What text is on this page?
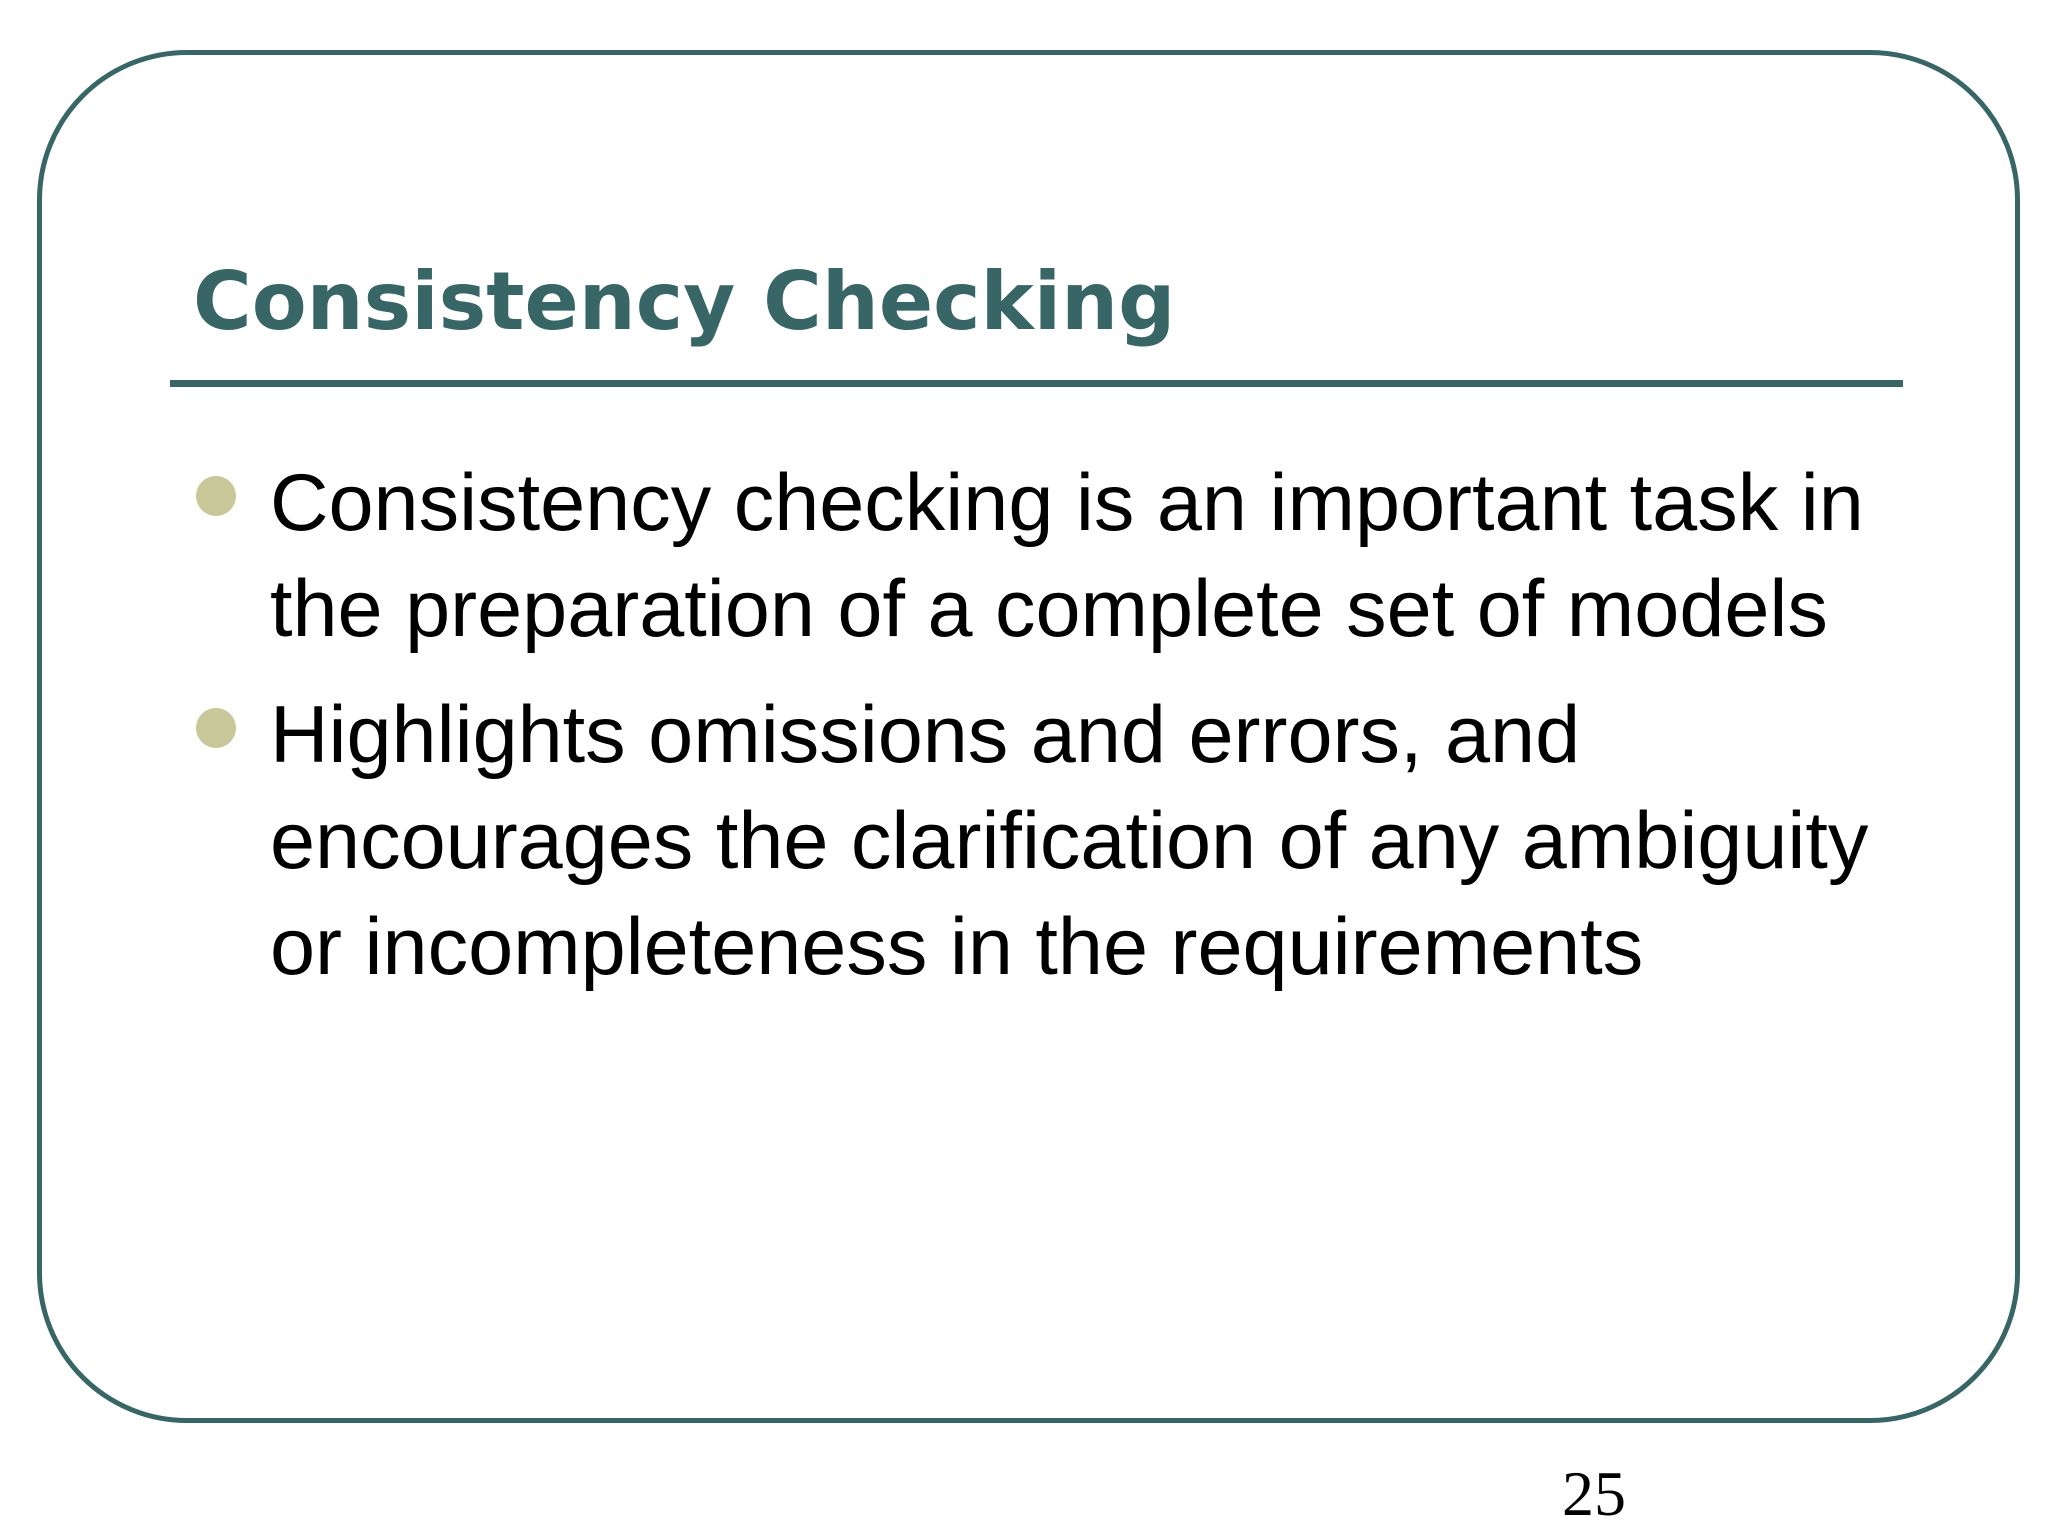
Consistency Checking
Consistency checking is an important task in the preparation of a complete set of models
Highlights omissions and errors, and encourages the clarification of any ambiguity or incompleteness in the requirements
25
